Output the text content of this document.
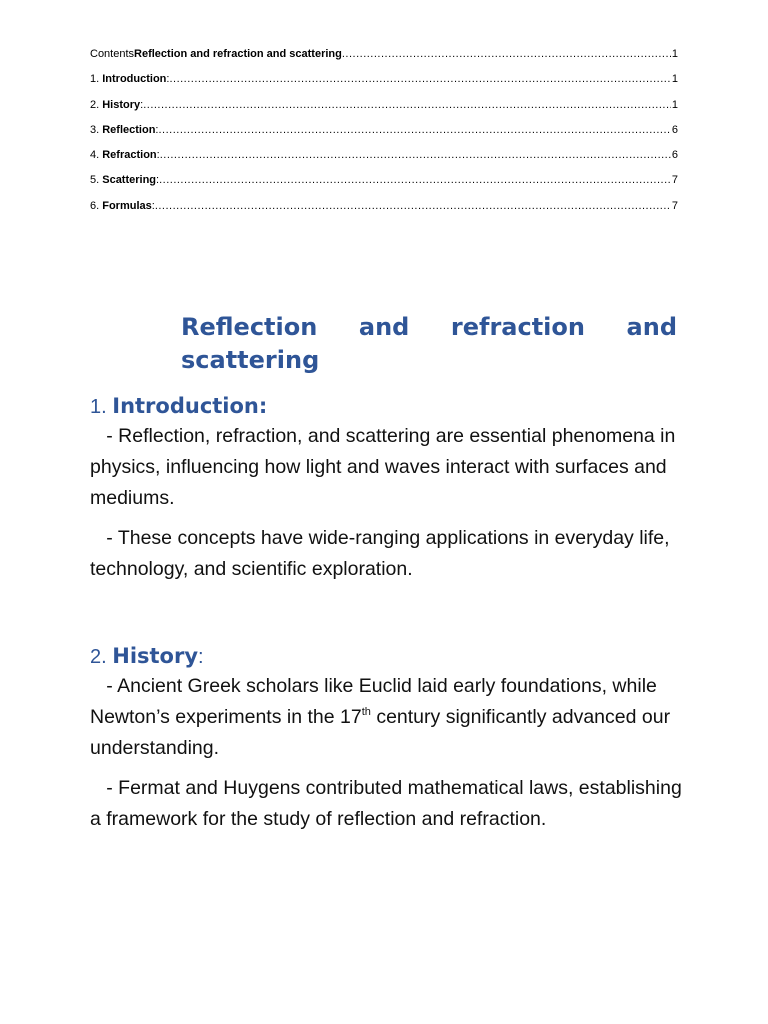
ContentsReflection and refraction and scattering .....	1
1. Introduction: .....	1
2. History: .....	1
3. Reflection: .....	6
4. Refraction: .....	6
5. Scattering: .....	7
6. Formulas: .....	7
Reflection and refraction and
scattering
1. Introduction:

- Reflection, refraction, and scattering are essential phenomena in physics, influencing how light and waves interact with surfaces and mediums.

- These concepts have wide-ranging applications in everyday life, technology, and scientific exploration.

2. History:

- Ancient Greek scholars like Euclid laid early foundations, while Newton’s experiments in the 17th century significantly advanced our understanding.

- Fermat and Huygens contributed mathematical laws, establishing a framework for the study of reflection and refraction.
